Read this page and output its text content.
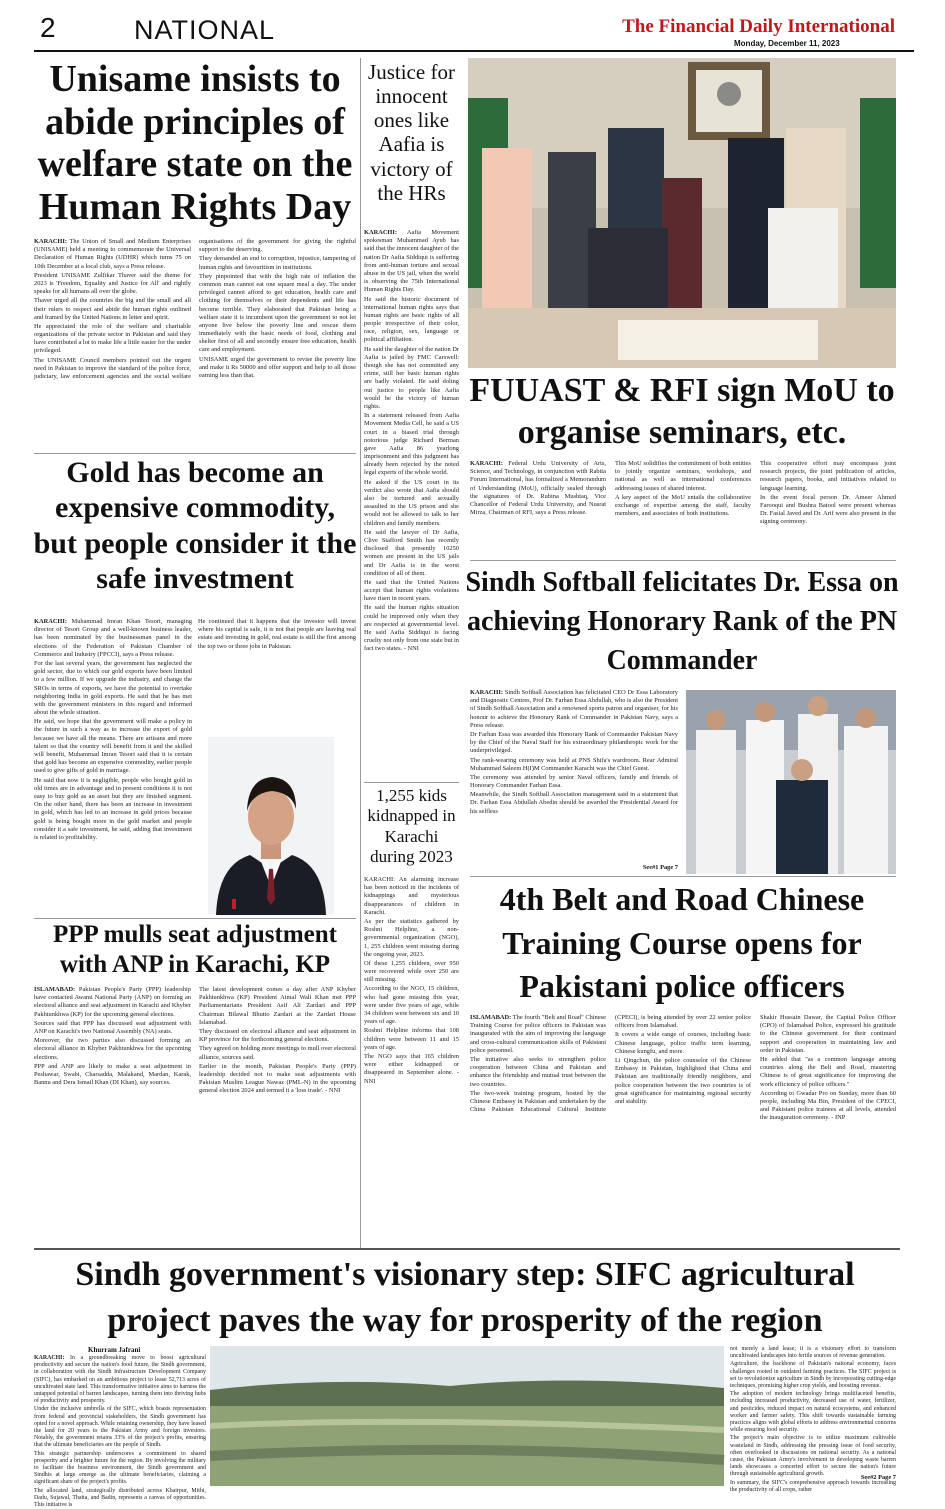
2	NATIONAL	The Financial Daily International
Monday, December 11, 2023
Unisame insists to abide principles of welfare state on the Human Rights Day

KARACHI: The Union of Small and Medium Enterprises (UNISAME) held a meeting to commemorate the Universal Declaration of Human Rights (UDHR) which turns 75 on 10th December at a local club, says a Press release.

President UNISAME Zulfikar Thaver said the theme for 2023 is 'Freedom, Equality and Justice for All' and rightly speaks for all humans all over the globe.

Thaver urged all the countries the big and the small and all their rulers to respect and abide the human rights outlined and framed by the United Nations in letter and spirit.

He appreciated the role of the welfare and charitable organizations of the private sector in Pakistan and said they have contributed a lot to make life a little easier for the under privileged.

The UNISAME Council members pointed out the urgent need in Pakistan to improve the standard of the police force, judiciary, law enforcement agencies and the social welfare organisations of the government for giving the rightful support to the deserving.

They demanded an end to corruption, injustice, tampering of human rights and favouritism in institutions.

They pinpointed that with the high rate of inflation the common man cannot eat one square meal a day. The under privileged cannot afford to get education, health care and clothing for themselves or their dependents and life has become terrible. They elaborated that Pakistan being a welfare state it is incumbent upon the government to not let anyone live below the poverty line and rescue them immediately with the basic needs of food, clothing and shelter first of all and secondly ensure free education, health care and employment.

UNISAME urged the government to revise the poverty line and make it Rs 50000 and offer support and help to all those earning less than that.

Justice for innocent ones like Aafia is victory of the HRs

KARACHI: Aafia Movement spokesman Muhammad Ayub has said that the innocent daughter of the nation Dr Aafia Siddiqui is suffering from anti-human torture and sexual abuse in the US jail, when the world is observing the 75th International Human Rights Day.

He said the historic document of international human rights says that human rights are basic rights of all people irrespective of their color, race, religion, sex, language or political affiliation.

He said the daughter of the nation Dr Aafia is jailed by FMC Carswell: though she has not committed any crime, still her basic human rights are badly violated. He said doling out justice to people like Aafia would be the victory of human rights.

In a statement released from Aafia Movement Media Cell, he said a US court in a biased trial through notorious judge Richard Berman gave Aafia 86 yearlong imprisonment and this judgment has already been rejected by the noted legal experts of the whole world.

He asked if the US court in its verdict also wrote that Aafia should also be tortured and sexually assaulted in the US prison and she would not be allowed to talk to her children and family members.

He said the lawyer of Dr Aafia, Clive Stafford Smith has recently disclosed that presently 10250 women are present in the US jails and Dr Aafia is in the worst condition of all of them.

He said that the United Nations accept that human rights violations have risen in recent years.

He said the human rights situation could be improved only when they are respected at governmental level. He said Aafia Siddiqui is facing cruelty not only from one state but in fact two states. - NNI

1,255 kids kidnapped in Karachi during 2023

KARACHI: An alarming increase has been noticed in the incidents of kidnappings and mysterious disappearances of children in Karachi.

As per the statistics gathered by Roshni Helpline, a non-governmental organization (NGO), 1, 255 children went missing during the ongoing year, 2023.

Of these 1,255 children, over 950 were recovered while over 250 are still missing.

According to the NGO, 15 children, who had gone missing this year, were under five years of age, while 34 children were between six and 10 years of age.

Roshni Helpline informs that 108 children were between 11 and 15 years of age.

The NGO says that 165 children were either kidnapped or disappeared in September alone. - NNI

Gold has become an expensive commodity, but people consider it the safe investment

KARACHI: Muhammad Imran Khan Tesori, managing director of Tesori Group and a well-known business leader, has been nominated by the businessman panel in the elections of the Federation of Pakistan Chamber of Commerce and Industry (FPCCI), says a Press release.

For the last several years, the government has neglected the gold sector, due to which our gold exports have been limited to a few million. If we upgrade the industry, and change the SROs in terms of exports, we have the potential to overtake neighboring India in gold exports. He said that he has met with the government ministers in this regard and informed about the whole situation.

He said, we hope that the government will make a policy in the future in such a way as to increase the export of gold because we have all the means. There are artisans and more talent so that the country will benefit from it and the skilled will benefit, Muhammad Imran Tesori said that it is certain that gold has become an expensive commodity, earlier people used to give gifts of gold in marriage.

He said that now it is negligible, people who bought gold in old times are in advantage and in present conditions it is not easy to buy gold as an asset but they are finished segment. On the other hand, there has been an increase in investment in gold, which has led to an increase in gold prices because gold is being bought more in the gold market and people consider it a safe investment, he said, adding that investment is related to profitability.

He continued that it happens that the investor will invest where his capital is safe, it is not that people are leaving real estate and investing in gold, real estate is still the first among the top two or three jobs in Pakistan.

PPP mulls seat adjustment with ANP in Karachi, KP

ISLAMABAD: Pakistan People's Party (PPP) leadership have contacted Awami National Party (ANP) on forming an electoral alliance and seat adjustment in Karachi and Khyber Pakhtunkhwa (KP) for the upcoming general elections.

Sources said that PPP has discussed seat adjustment with ANP on Karachi's two National Assembly (NA) seats.

Moreover, the two parties also discussed forming an electoral alliance in Khyber Pakhtunkhwa for the upcoming elections.

PPP and ANP are likely to make a seat adjustment in Peshawar, Swabi, Charsadda, Malakand, Mardan, Karak, Bannu and Dera Ismail Khan (DI Khan), say sources.

The latest development comes a day after ANP Khyber Pakhtunkhwa (KP) President Aimal Wali Khan met PPP Parliamentarians President Asif Ali Zardari and PPP Chairman Bilawal Bhutto Zardari at the Zardari House Islamabad.

They discussed on electoral alliance and seat adjustment in KP province for the forthcoming general elections.

They agreed on holding more meetings to mull over electoral alliance, sources said.

Earlier in the month, Pakistan People's Party (PPP) leadership decided not to make seat adjustments with Pakistan Muslim League Nawaz (PML-N) in the upcoming general election 2024 and termed it a 'loss trade'. - NNI

FUUAST & RFI sign MoU to organise seminars, etc.

KARACHI: Federal Urdu University of Arts, Science, and Technology, in conjunction with Rabita Forum International, has formalized a Memorandum of Understanding (MoU), officially sealed through the signatures of Dr. Rubina Mushtaq, Vice Chancellor of Federal Urdu University, and Nusrat Mirza, Chairman of RFI, says a Press release.

This MoU solidifies the commitment of both entities to jointly organize seminars, workshops, and national as well as international conferences addressing issues of shared interest.

A key aspect of the MoU entails the collaborative exchange of expertise among the staff, faculty members, and associates of both institutions.

This cooperative effort may encompass joint research projects, the joint publication of articles, research papers, books, and initiatives related to language learning.

In the event focal person Dr. Ameer Ahmed Farooqui and Bushra Batool were present whereas Dr. Fasial Javed and Dr. Arif were also present in the signing ceremony.

Sindh Softball felicitates Dr. Essa on achieving Honorary Rank of the PN Commander

KARACHI: Sindh Softball Association has felicitated CEO Dr Essa Laboratory and Diagnostic Centres, Prof Dr. Farhan Essa Abdullah, who is also the President of Sindh Softball Association and a renowned sports patron and organiser, for his honour to achieve the Honorary Rank of Commander in Pakistan Navy, says a Press release.

Dr Farhan Essa was awarded this Honorary Rank of Commander Pakistan Navy by the Chief of the Naval Staff for his extraordinary philanthropic work for the underprivileged.

The rank-wearing ceremony was held at PNS Shifa's wardroom. Rear Admiral Muhammad Saleem H(I)M Commander Karachi was the Chief Guest.

The ceremony was attended by senior Naval officers, family and friends of Honorary Commander Farhan Essa.

Meanwhile, the Sindh Softball Association management said in a statement that Dr. Farhan Essa Abdullah Abedin should be awarded the Presidential Award for his selfless

See#1 Page 7
4th Belt and Road Chinese Training Course opens for Pakistani police officers

ISLAMABAD: The fourth "Belt and Road" Chinese Training Course for police officers in Pakistan was inaugurated with the aim of improving the language and cross-cultural communication skills of Pakistani police personnel.

The initiative also seeks to strengthen police cooperation between China and Pakistan and enhance the friendship and mutual trust between the two countries.

The two-week training program, hosted by the Chinese Embassy in Pakistan and undertaken by the China Pakistan Educational Cultural Institute (CPECI), is being attended by over 22 senior police officers from Islamabad.

It covers a wide range of courses, including basic Chinese language, police traffic term learning, Chinese kungfu, and more.

Li Qingchun, the police counselor of the Chinese Embassy in Pakistan, highlighted that China and Pakistan are traditionally friendly neighbors, and police cooperation between the two countries is of great significance for maintaining regional security and stability.

Shakir Hussain Dawar, the Capital Police Officer (CPO) of Islamabad Police, expressed his gratitude to the Chinese government for their continued support and cooperation in maintaining law and order in Pakistan.

He added that "as a common language among countries along the Belt and Road, mastering Chinese is of great significance for improving the work efficiency of police officers."

According to Gwadar Pro on Sunday, more than 60 people, including Ma Bin, President of the CPECI, and Pakistani police trainees at all levels, attended the inauguration ceremony. - INP

Sindh government's visionary step: SIFC agricultural project paves the way for prosperity of the region
Khurram Jafrani

KARACHI: In a groundbreaking move to boost agricultural productivity and secure the nation's food future, the Sindh government, in collaboration with the Sindh Infrastructure Development Company (SIFC), has embarked on an ambitious project to lease 52,713 acres of uncultivated state land. This transformative initiative aims to harness the untapped potential of barren landscapes, turning them into thriving hubs of productivity and prosperity.

Under the inclusive umbrella of the SIFC, which boasts representation from federal and provincial stakeholders, the Sindh government has opted for a novel approach. While retaining ownership, they have leased the land for 20 years to the Pakistan Army and foreign investors. Notably, the government retains 33% of the project's profits, ensuring that the ultimate beneficiaries are the people of Sindh.

This strategic partnership underscores a commitment to shared prosperity and a brighter future for the region. By involving the military to facilitate the business environment, the Sindh government and Sindhis at large emerge as the ultimate beneficiaries, claiming a significant share of the project's profits.

The allocated land, strategically distributed across Khairpur, Mithi, Dadu, Sujawal, Thatta, and Badin, represents a canvas of opportunities. This initiative is

not merely a land lease; it is a visionary effort to transform uncultivated landscapes into fertile sources of revenue generation.

Agriculture, the backbone of Pakistan's national economy, faces challenges rooted in outdated farming practices. The SIFC project is set to revolutionize agriculture in Sindh by incorporating cutting-edge techniques, promising higher crop yields, and boosting revenue.

The adoption of modern technology brings multifaceted benefits, including increased productivity, decreased use of water, fertilizer, and pesticides, reduced impact on natural ecosystems, and enhanced worker and farmer safety. This shift towards sustainable farming practices aligns with global efforts to address environmental concerns while ensuring food security.

The project's main objective is to utilize maximum cultivable wasteland in Sindh, addressing the pressing issue of food security, often overlooked in discussions on national security. As a national cause, the Pakistan Army's involvement in developing waste barren lands showcases a concerted effort to secure the nation's future through sustainable agricultural growth.

In summary, the SIFC's comprehensive approach towards increasing the productivity of all crops, rather

See#2 Page 7
